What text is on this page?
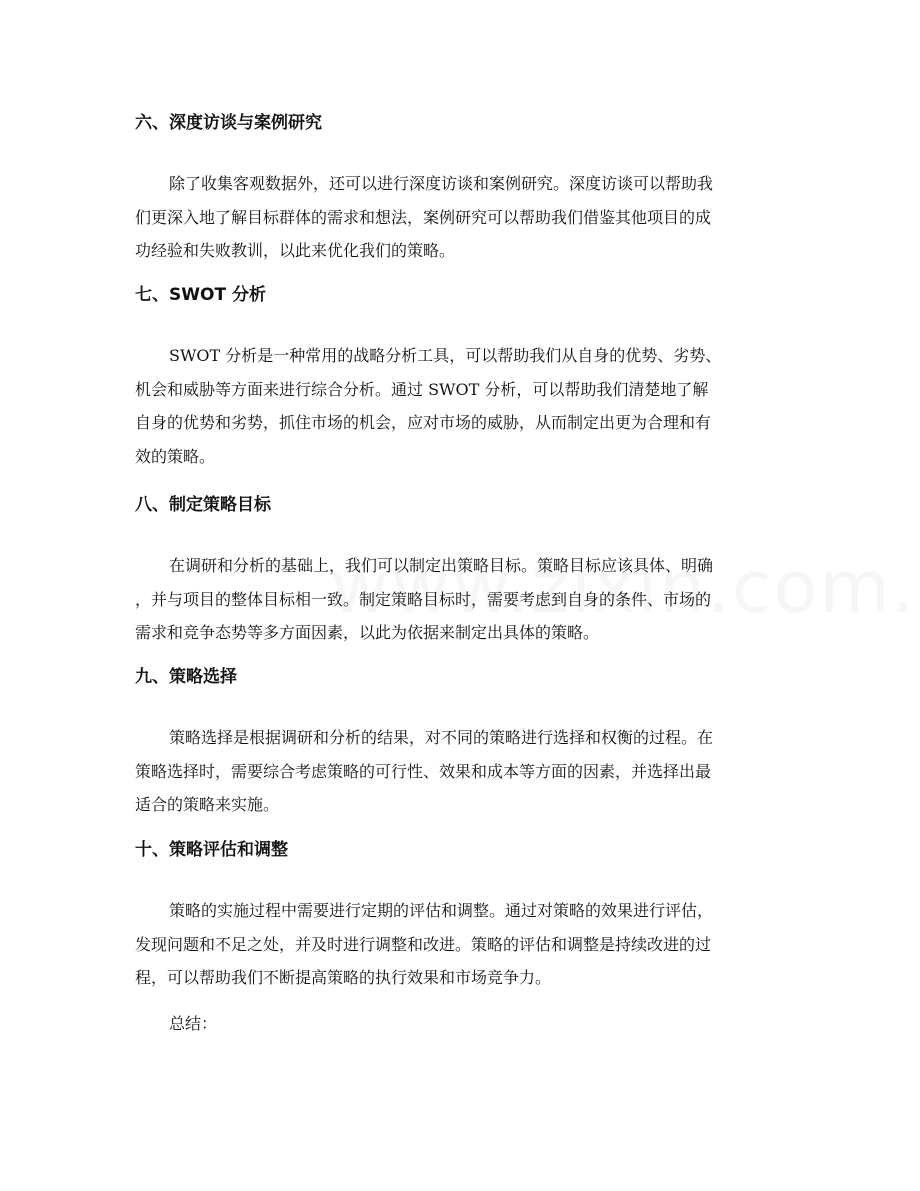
六、深度访谈与案例研究

除了收集客观数据外，还可以进行深度访谈和案例研究。深度访谈可以帮助我
们更深入地了解目标群体的需求和想法，案例研究可以帮助我们借鉴其他项目的成
功经验和失败教训，以此来优化我们的策略。

七、SWOT 分析

SWOT 分析是一种常用的战略分析工具，可以帮助我们从自身的优势、劣势、
机会和威胁等方面来进行综合分析。通过 SWOT 分析，可以帮助我们清楚地了解
自身的优势和劣势，抓住市场的机会，应对市场的威胁，从而制定出更为合理和有
效的策略。

八、制定策略目标

在调研和分析的基础上，我们可以制定出策略目标。策略目标应该具体、明确
，并与项目的整体目标相一致。制定策略目标时，需要考虑到自身的条件、市场的
需求和竞争态势等多方面因素，以此为依据来制定出具体的策略。

九、策略选择

策略选择是根据调研和分析的结果，对不同的策略进行选择和权衡的过程。在
策略选择时，需要综合考虑策略的可行性、效果和成本等方面的因素，并选择出最
适合的策略来实施。

十、策略评估和调整

策略的实施过程中需要进行定期的评估和调整。通过对策略的效果进行评估，
发现问题和不足之处，并及时进行调整和改进。策略的评估和调整是持续改进的过
程，可以帮助我们不断提高策略的执行效果和市场竞争力。

总结：
